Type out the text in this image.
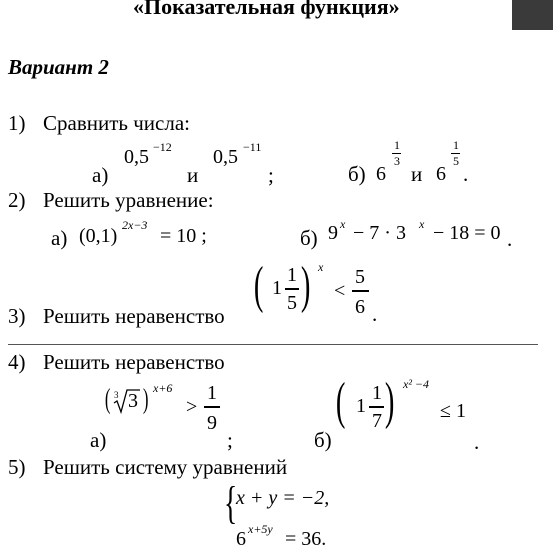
«Показательная функция»
Вариант 2
1) Сравнить числа:
а)
0,5 −12
и
0,5 −11
;	б) 6
1
3
и 6
1
5
.
2) Решить уравнение:
а) (0,1) 2x−3 = 10 ;	б) 9 x − 7 · 3 x − 18 = 0 .
3) Решить неравенство
( 1
1
5 ) x
<
5
6 .
4) Решить неравенство
а)
( 3 3 ) x+6
>
1
9
;	б)
( 1
1
7 ) x² −4
≤ 1
.
5) Решить систему уравнений
{
x + y = −2,
6 x+5y = 36.
